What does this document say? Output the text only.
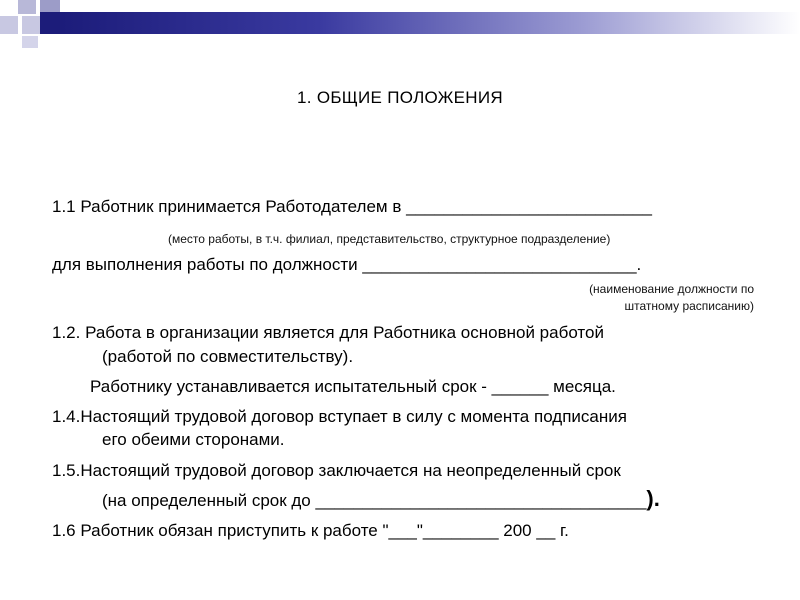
1. ОБЩИЕ ПОЛОЖЕНИЯ
1.1 Работник принимается Работодателем в __________________________
(место работы, в т.ч. филиал, представительство, структурное подразделение)
для выполнения работы по должности _____________________________.
(наименование должности по
штатному расписанию)
1.2. Работа в организации является для Работника основной работой
(работой по совместительству).
Работнику устанавливается испытательный срок - ______ месяца.
1.4.Настоящий трудовой договор вступает в силу с момента подписания
его обеими сторонами.
1.5.Настоящий трудовой договор заключается на неопределенный срок
(на определенный срок до ___________________________________).
1.6 Работник обязан приступить к работе "___"________ 200 __ г.
